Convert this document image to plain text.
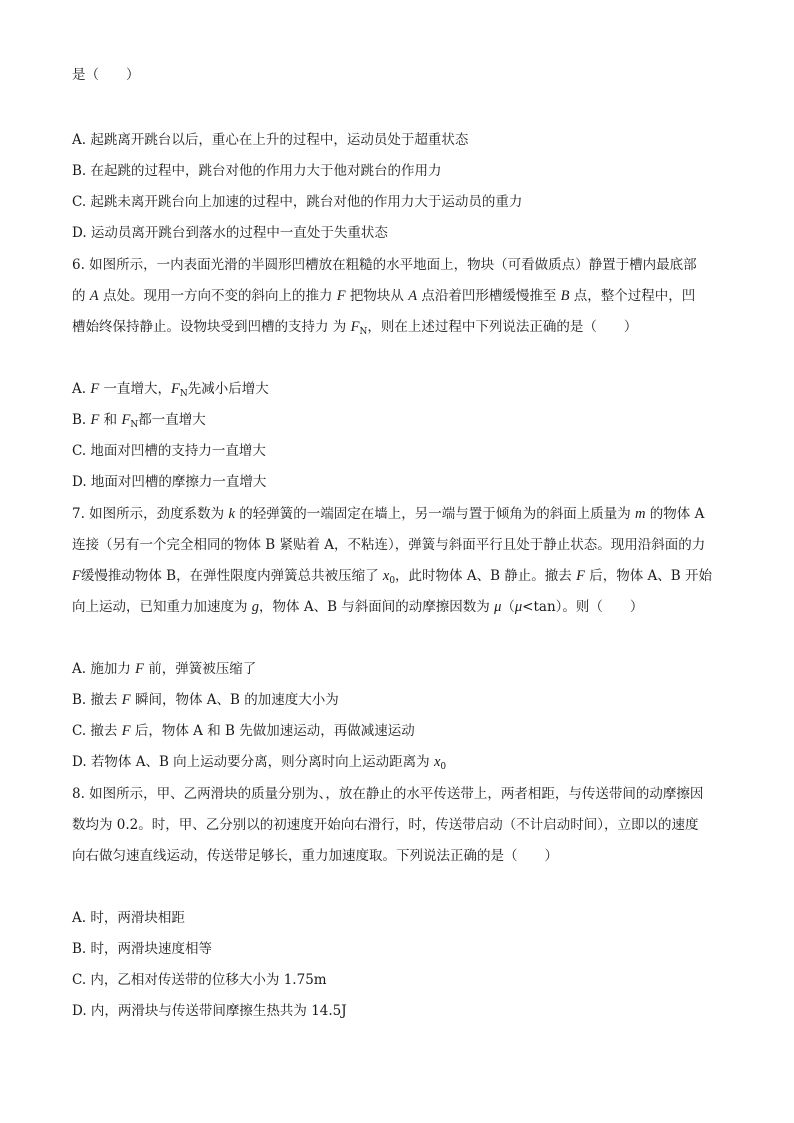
是（　　）
A. 起跳离开跳台以后，重心在上升的过程中，运动员处于超重状态
B. 在起跳的过程中，跳台对他的作用力大于他对跳台的作用力
C. 起跳未离开跳台向上加速的过程中，跳台对他的作用力大于运动员的重力
D. 运动员离开跳台到落水的过程中一直处于失重状态
6. 如图所示，一内表面光滑的半圆形凹槽放在粗糙的水平地面上，物块（可看做质点）静置于槽内最底部
的 A 点处。现用一方向不变的斜向上的推力 F 把物块从 A 点沿着凹形槽缓慢推至 B 点，整个过程中，凹
槽始终保持静止。设物块受到凹槽的支持力 为 $F_N$，则在上述过程中下列说法正确的是（　　）
A. F 一直增大，$F_N$先减小后增大
B. F 和 $F_N$都一直增大
C. 地面对凹槽的支持力一直增大
D. 地面对凹槽的摩擦力一直增大
7. 如图所示，劲度系数为 k 的轻弹簧的一端固定在墙上，另一端与置于倾角为的斜面上质量为 m 的物体 A
连接（另有一个完全相同的物体 B 紧贴着 A，不粘连），弹簧与斜面平行且处于静止状态。现用沿斜面的力
F缓慢推动物体 B，在弹性限度内弹簧总共被压缩了 $x_0$，此时物体 A、B 静止。撤去 F 后，物体 A、B 开始
向上运动，已知重力加速度为 g，物体 A、B 与斜面间的动摩擦因数为 μ（μ<tan）。则（　　）
A. 施加力 F 前，弹簧被压缩了
B. 撤去 F 瞬间，物体 A、B 的加速度大小为
C. 撤去 F 后，物体 A 和 B 先做加速运动，再做减速运动
D. 若物体 A、B 向上运动要分离，则分离时向上运动距离为 $x_0$
8. 如图所示，甲、乙两滑块的质量分别为、，放在静止的水平传送带上，两者相距，与传送带间的动摩擦因
数均为 0.2。时，甲、乙分别以的初速度开始向右滑行，时，传送带启动（不计启动时间），立即以的速度
向右做匀速直线运动，传送带足够长，重力加速度取。下列说法正确的是（　　）
A. 时，两滑块相距
B. 时，两滑块速度相等
C. 内，乙相对传送带的位移大小为 1.75m
D. 内，两滑块与传送带间摩擦生热共为 14.5J
